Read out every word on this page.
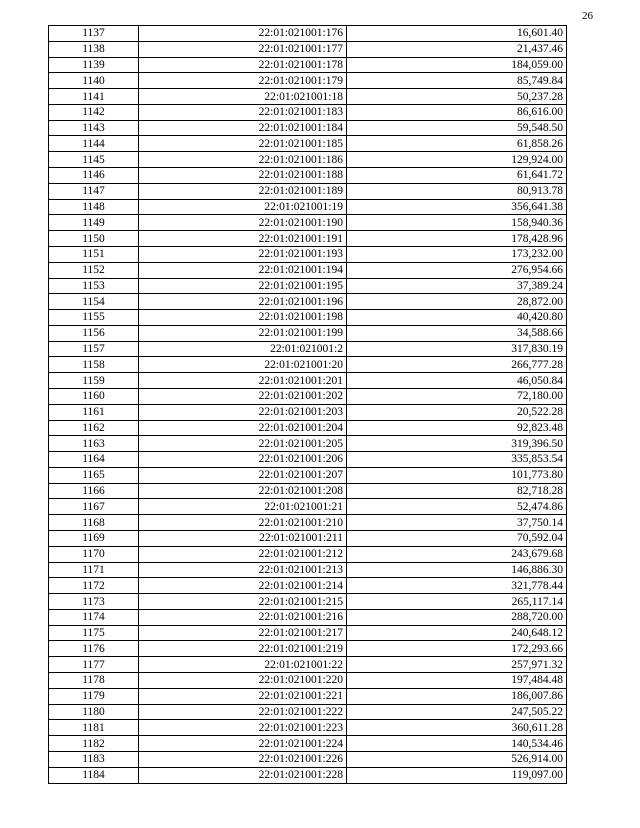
26
1137	22:01:021001:176	16,601.40
1138	22:01:021001:177	21,437.46
1139	22:01:021001:178	184,059.00
1140	22:01:021001:179	85,749.84
1141	22:01:021001:18	50,237.28
1142	22:01:021001:183	86,616.00
1143	22:01:021001:184	59,548.50
1144	22:01:021001:185	61,858.26
1145	22:01:021001:186	129,924.00
1146	22:01:021001:188	61,641.72
1147	22:01:021001:189	80,913.78
1148	22:01:021001:19	356,641.38
1149	22:01:021001:190	158,940.36
1150	22:01:021001:191	178,428.96
1151	22:01:021001:193	173,232.00
1152	22:01:021001:194	276,954.66
1153	22:01:021001:195	37,389.24
1154	22:01:021001:196	28,872.00
1155	22:01:021001:198	40,420.80
1156	22:01:021001:199	34,588.66
1157	22:01:021001:2	317,830.19
1158	22:01:021001:20	266,777.28
1159	22:01:021001:201	46,050.84
1160	22:01:021001:202	72,180.00
1161	22:01:021001:203	20,522.28
1162	22:01:021001:204	92,823.48
1163	22:01:021001:205	319,396.50
1164	22:01:021001:206	335,853.54
1165	22:01:021001:207	101,773.80
1166	22:01:021001:208	82,718.28
1167	22:01:021001:21	52,474.86
1168	22:01:021001:210	37,750.14
1169	22:01:021001:211	70,592.04
1170	22:01:021001:212	243,679.68
1171	22:01:021001:213	146,886.30
1172	22:01:021001:214	321,778.44
1173	22:01:021001:215	265,117.14
1174	22:01:021001:216	288,720.00
1175	22:01:021001:217	240,648.12
1176	22:01:021001:219	172,293.66
1177	22:01:021001:22	257,971.32
1178	22:01:021001:220	197,484.48
1179	22:01:021001:221	186,007.86
1180	22:01:021001:222	247,505.22
1181	22:01:021001:223	360,611.28
1182	22:01:021001:224	140,534.46
1183	22:01:021001:226	526,914.00
1184	22:01:021001:228	119,097.00
